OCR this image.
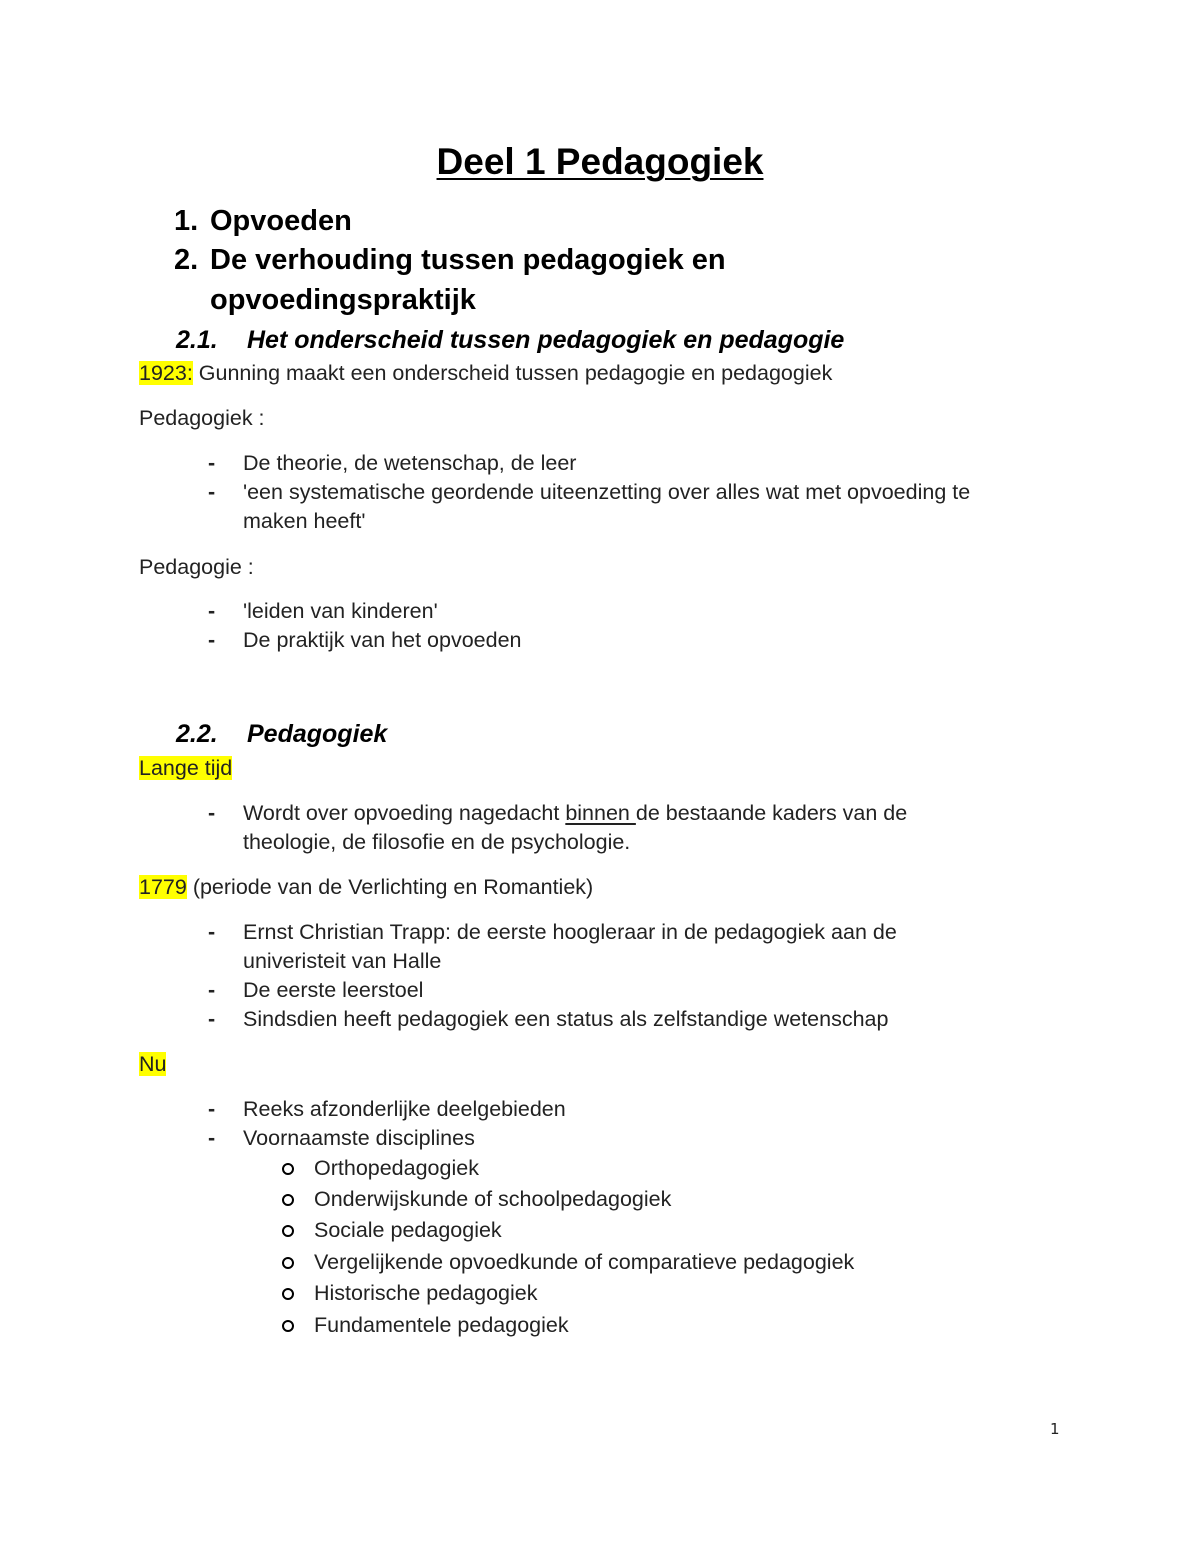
Deel 1 Pedagogiek
1. Opvoeden
2. De verhouding tussen pedagogiek en
opvoedingspraktijk
2.1. Het onderscheid tussen pedagogiek en pedagogie
1923: Gunning maakt een onderscheid tussen pedagogie en pedagogiek
Pedagogiek :
- De theorie, de wetenschap, de leer
- 'een systematische geordende uiteenzetting over alles wat met opvoeding te
maken heeft'
Pedagogie :
- 'leiden van kinderen'
- De praktijk van het opvoeden
2.2. Pedagogiek
Lange tijd
- Wordt over opvoeding nagedacht binnen de bestaande kaders van de
theologie, de filosofie en de psychologie.
1779 (periode van de Verlichting en Romantiek)
- Ernst Christian Trapp: de eerste hoogleraar in de pedagogiek aan de
univeristeit van Halle
- De eerste leerstoel
- Sindsdien heeft pedagogiek een status als zelfstandige wetenschap
Nu
- Reeks afzonderlijke deelgebieden
- Voornaamste disciplines
Orthopedagogiek
Onderwijskunde of schoolpedagogiek
Sociale pedagogiek
Vergelijkende opvoedkunde of comparatieve pedagogiek
Historische pedagogiek
Fundamentele pedagogiek
1
